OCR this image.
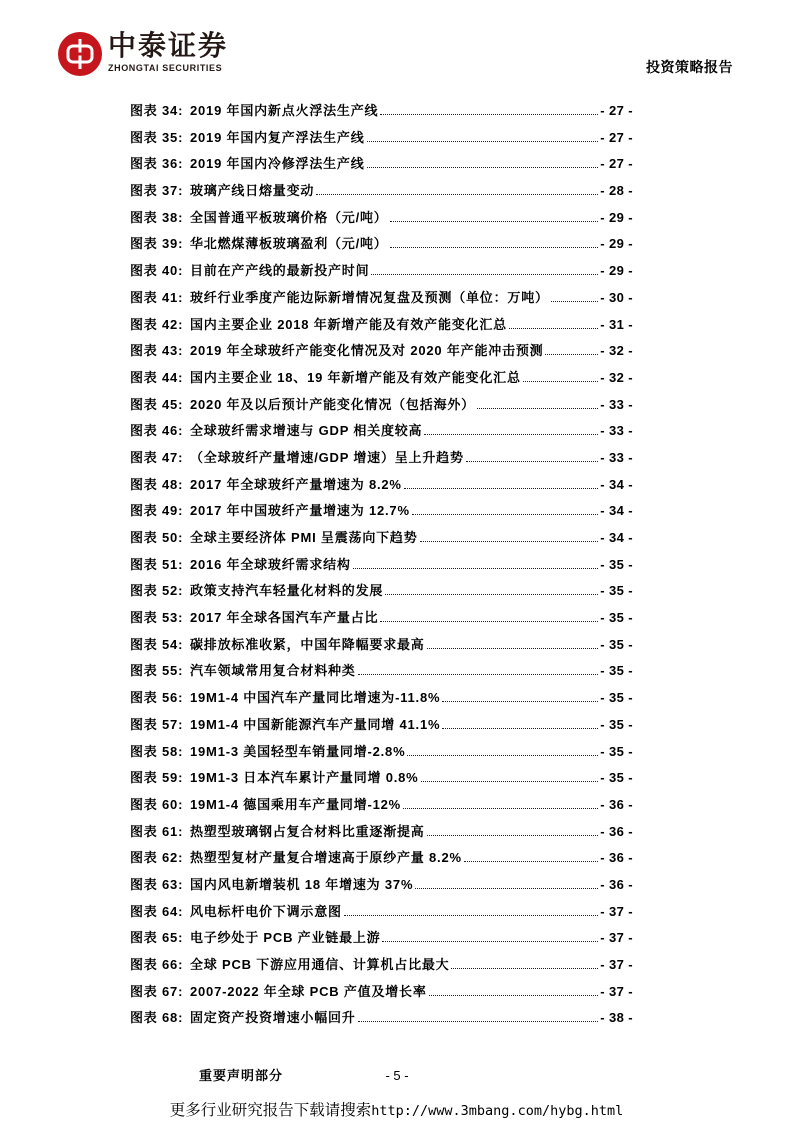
中泰证券
ZHONGTAI SECURITIES	投资策略报告
图表 34: 2019 年国内新点火浮法生产线	- 27 -
图表 35: 2019 年国内复产浮法生产线	- 27 -
图表 36: 2019 年国内冷修浮法生产线	- 27 -
图表 37: 玻璃产线日熔量变动	- 28 -
图表 38: 全国普通平板玻璃价格（元/吨）	- 29 -
图表 39: 华北燃煤薄板玻璃盈利（元/吨）	- 29 -
图表 40: 目前在产产线的最新投产时间	- 29 -
图表 41: 玻纤行业季度产能边际新增情况复盘及预测（单位：万吨）	- 30 -
图表 42: 国内主要企业 2018 年新增产能及有效产能变化汇总	- 31 -
图表 43: 2019 年全球玻纤产能变化情况及对 2020 年产能冲击预测	- 32 -
图表 44: 国内主要企业 18、19 年新增产能及有效产能变化汇总	- 32 -
图表 45: 2020 年及以后预计产能变化情况（包括海外）	- 33 -
图表 46: 全球玻纤需求增速与 GDP 相关度较高	- 33 -
图表 47: （全球玻纤产量增速/GDP 增速）呈上升趋势	- 33 -
图表 48: 2017 年全球玻纤产量增速为 8.2%	- 34 -
图表 49: 2017 年中国玻纤产量增速为 12.7%	- 34 -
图表 50: 全球主要经济体 PMI 呈震荡向下趋势	- 34 -
图表 51: 2016 年全球玻纤需求结构	- 35 -
图表 52: 政策支持汽车轻量化材料的发展	- 35 -
图表 53: 2017 年全球各国汽车产量占比	- 35 -
图表 54: 碳排放标准收紧，中国年降幅要求最高	- 35 -
图表 55: 汽车领域常用复合材料种类	- 35 -
图表 56: 19M1-4 中国汽车产量同比增速为-11.8%	- 35 -
图表 57: 19M1-4 中国新能源汽车产量同增 41.1%	- 35 -
图表 58: 19M1-3 美国轻型车销量同增-2.8%	- 35 -
图表 59: 19M1-3 日本汽车累计产量同增 0.8%	- 35 -
图表 60: 19M1-4 德国乘用车产量同增-12%	- 36 -
图表 61: 热塑型玻璃钢占复合材料比重逐渐提高	- 36 -
图表 62: 热塑型复材产量复合增速高于原纱产量 8.2%	- 36 -
图表 63: 国内风电新增装机 18 年增速为 37%	- 36 -
图表 64: 风电标杆电价下调示意图	- 37 -
图表 65: 电子纱处于 PCB 产业链最上游	- 37 -
图表 66: 全球 PCB 下游应用通信、计算机占比最大	- 37 -
图表 67: 2007-2022 年全球 PCB 产值及增长率	- 37 -
图表 68: 固定资产投资增速小幅回升	- 38 -
重要声明部分	- 5 -
更多行业研究报告下载请搜索http://www.3mbang.com/hybg.html
